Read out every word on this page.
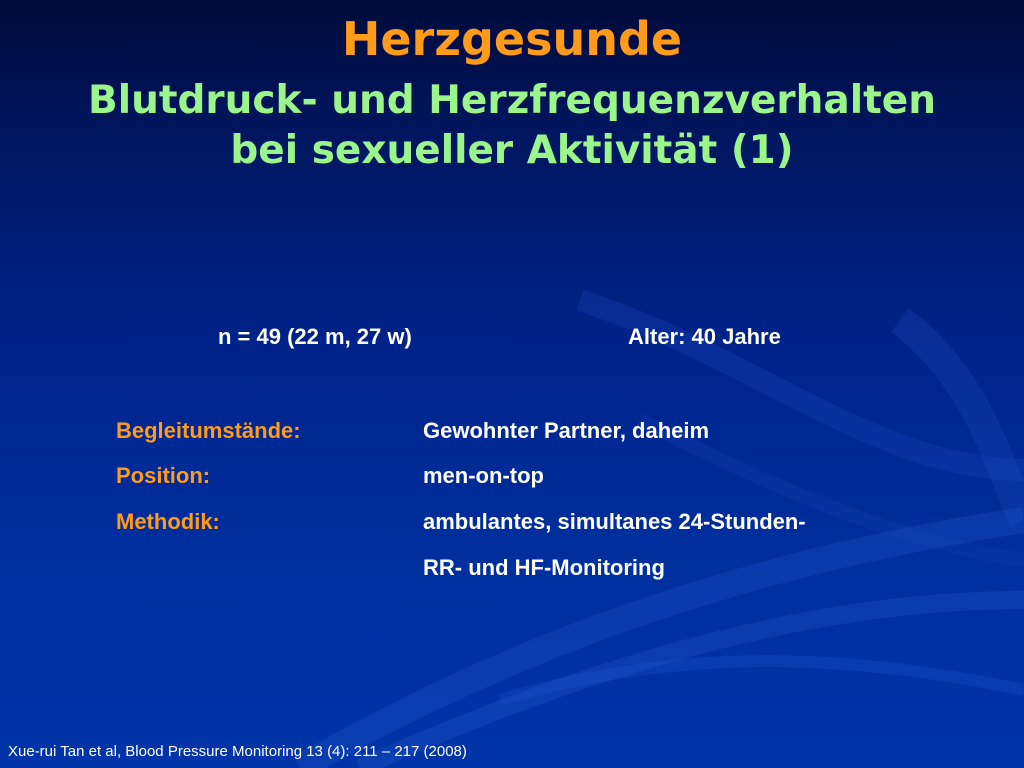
Herzgesunde
Blutdruck- und Herzfrequenzverhalten
bei sexueller Aktivität (1)
n = 49 (22 m, 27 w)	Alter: 40 Jahre
Begleitumstände:	Gewohnter Partner, daheim
Position:	men-on-top
Methodik:	ambulantes, simultanes 24-Stunden-
RR- und HF-Monitoring
Xue-rui Tan et al, Blood Pressure Monitoring 13 (4): 211 – 217 (2008)
